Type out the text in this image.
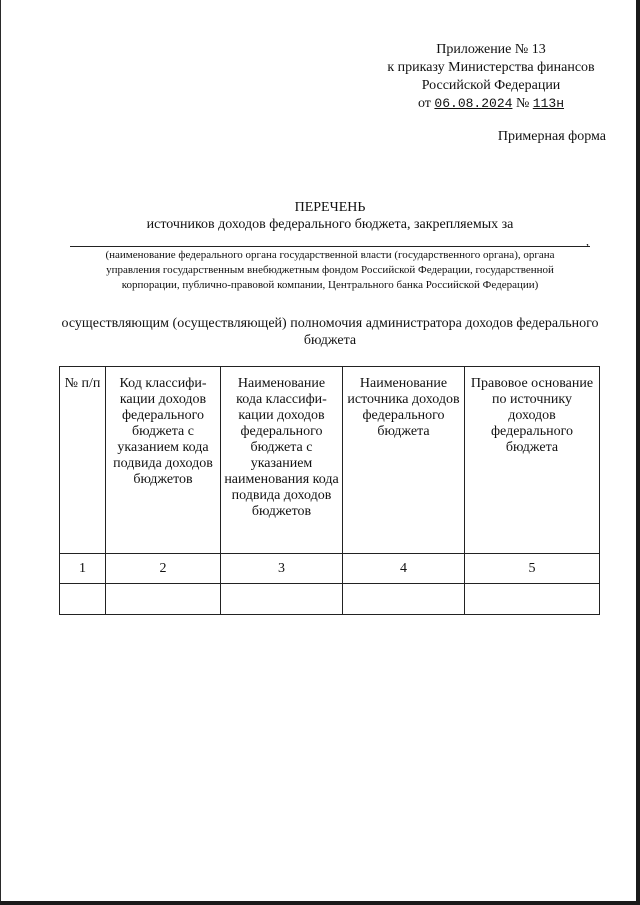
Приложение № 13
к приказу Министерства финансов
Российской Федерации
от 06.08.2024 № 113н
Примерная форма
ПЕРЕЧЕНЬ
источников доходов федерального бюджета, закрепляемых за
,
(наименование федерального органа государственной власти (государственного органа), органа управления государственным внебюджетным фондом Российской Федерации, государственной корпорации, публично-правовой компании, Центрального банка Российской Федерации)
осуществляющим (осуществляющей) полномочия администратора доходов федерального бюджета
№ п/п	Код классифи-кации доходов федерального бюджета с указанием кода подвида доходов бюджетов	Наименование кода классифи-кации доходов федерального бюджета с указанием наименования кода подвида доходов бюджетов	Наименование источника доходов федерального бюджета	Правовое основание по источнику доходов федерального бюджета
1	2	3	4	5
